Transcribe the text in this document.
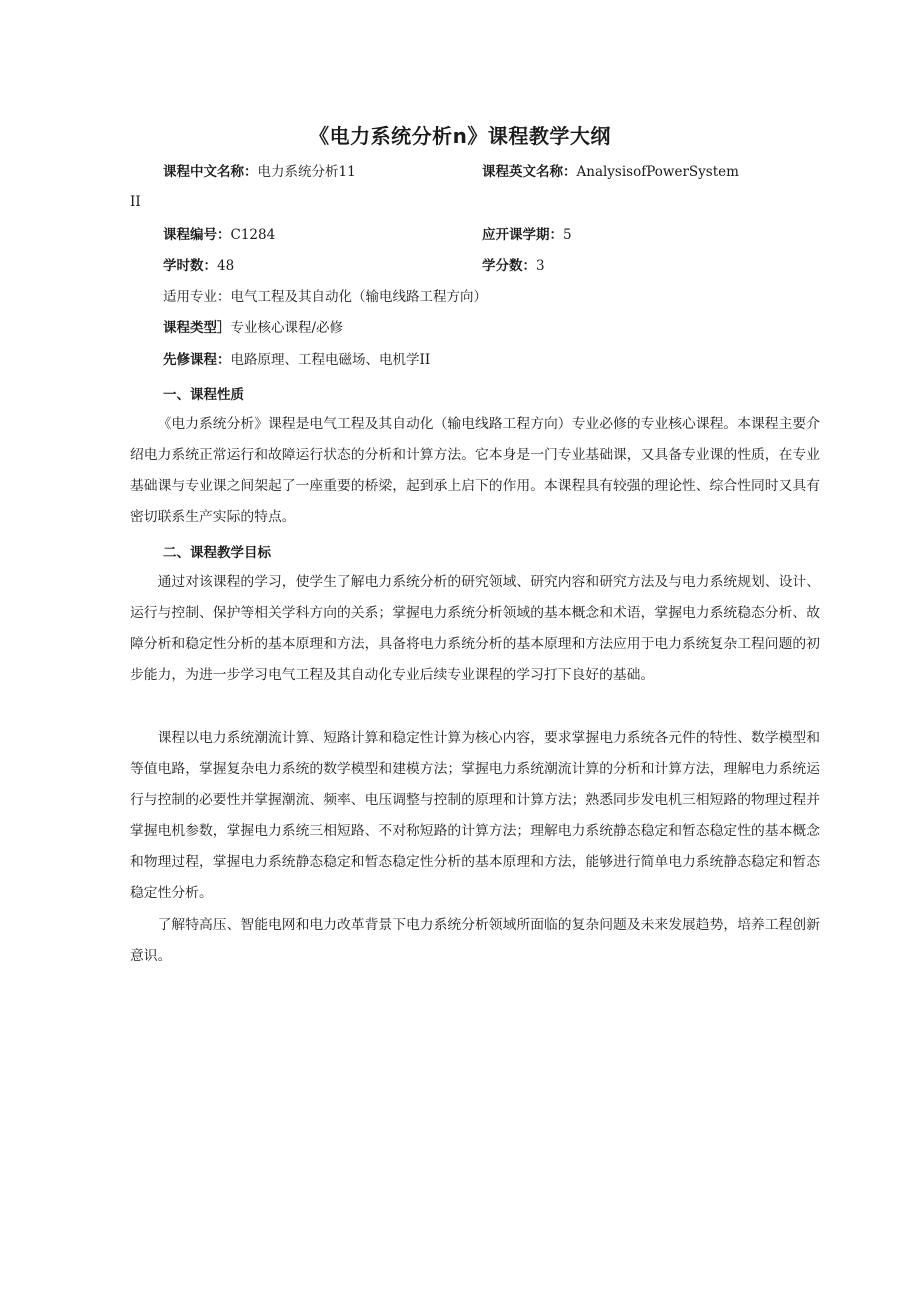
《电力系统分析n》课程教学大纲
课程中文名称：电力系统分析11	课程英文名称：AnalysisofPowerSystem
II
课程编号：C1284	应开课学期：5
学时数：48	学分数：3
适用专业：电气工程及其自动化（输电线路工程方向）
课程类型］专业核心课程/必修
先修课程：电路原理、工程电磁场、电机学II
一、课程性质
《电力系统分析》课程是电气工程及其自动化（输电线路工程方向）专业必修的专业核心课程。本课程主要介绍电力系统正常运行和故障运行状态的分析和计算方法。它本身是一门专业基础课，又具备专业课的性质，在专业基础课与专业课之间架起了一座重要的桥梁，起到承上启下的作用。本课程具有较强的理论性、综合性同时又具有密切联系生产实际的特点。
二、课程教学目标
通过对该课程的学习，使学生了解电力系统分析的研究领域、研究内容和研究方法及与电力系统规划、设计、运行与控制、保护等相关学科方向的关系；掌握电力系统分析领域的基本概念和术语，掌握电力系统稳态分析、故障分析和稳定性分析的基本原理和方法，具备将电力系统分析的基本原理和方法应用于电力系统复杂工程问题的初步能力，为进一步学习电气工程及其自动化专业后续专业课程的学习打下良好的基础。
课程以电力系统潮流计算、短路计算和稳定性计算为核心内容，要求掌握电力系统各元件的特性、数学模型和等值电路，掌握复杂电力系统的数学模型和建模方法；掌握电力系统潮流计算的分析和计算方法，理解电力系统运行与控制的必要性并掌握潮流、频率、电压调整与控制的原理和计算方法；熟悉同步发电机三相短路的物理过程并掌握电机参数，掌握电力系统三相短路、不对称短路的计算方法；理解电力系统静态稳定和暂态稳定性的基本概念和物理过程，掌握电力系统静态稳定和暂态稳定性分析的基本原理和方法，能够进行简单电力系统静态稳定和暂态稳定性分析。
了解特高压、智能电网和电力改革背景下电力系统分析领域所面临的复杂问题及未来发展趋势，培养工程创新意识。
